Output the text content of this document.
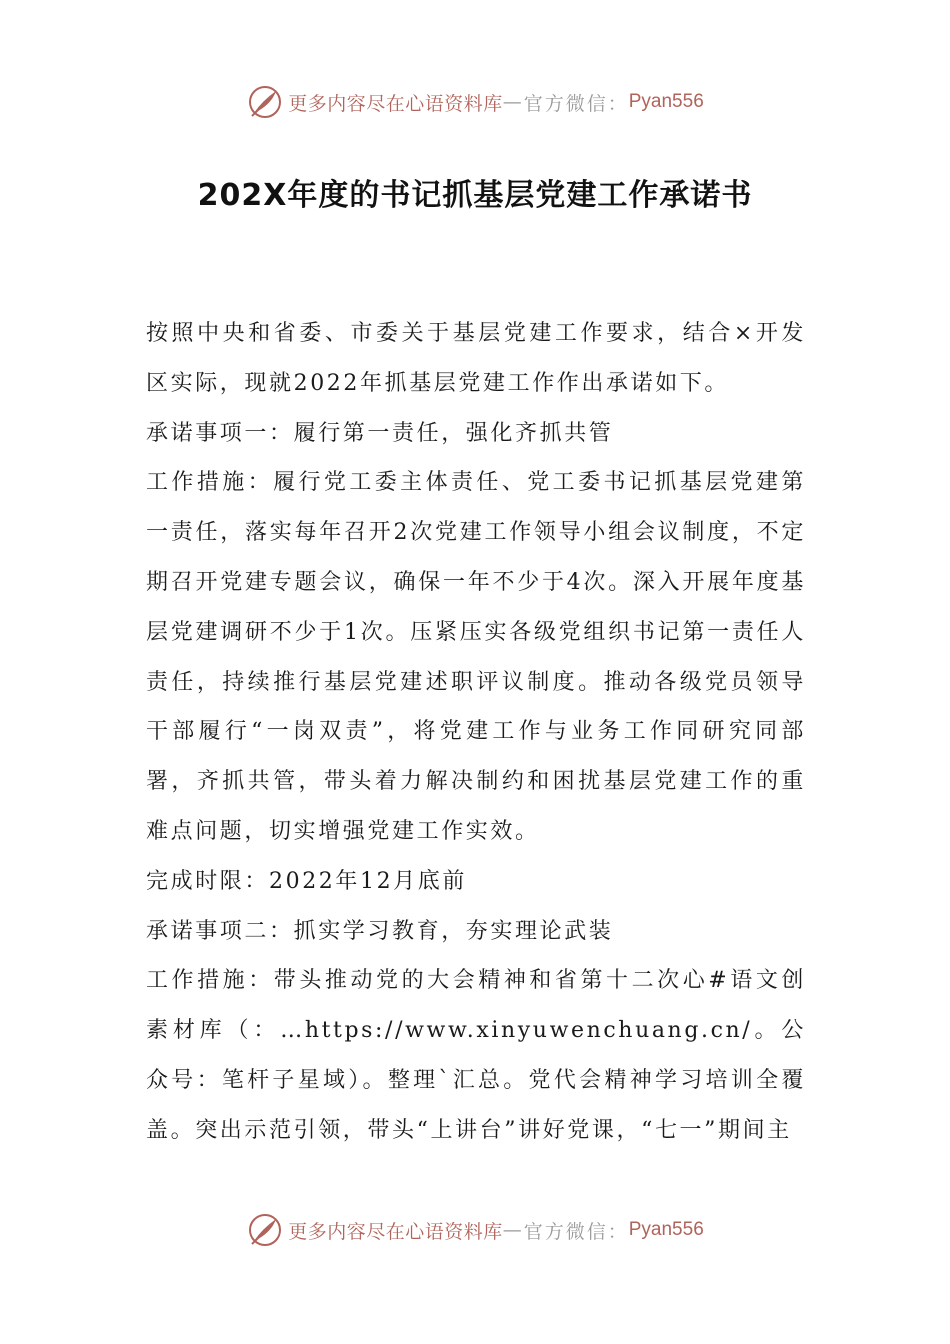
更多内容尽在心语资料库 — 官方微信： Pyan556
202X年度的书记抓基层党建工作承诺书

按照中央和省委、市委关于基层党建工作要求，结合×开发区实际，现就2022年抓基层党建工作作出承诺如下。

承诺事项一：履行第一责任，强化齐抓共管

工作措施：履行党工委主体责任、党工委书记抓基层党建第一责任，落实每年召开2次党建工作领导小组会议制度，不定期召开党建专题会议，确保一年不少于4次。深入开展年度基层党建调研不少于1次。压紧压实各级党组织书记第一责任人责任，持续推行基层党建述职评议制度。推动各级党员领导干部履行“一岗双责”，将党建工作与业务工作同研究同部署，齐抓共管，带头着力解决制约和困扰基层党建工作的重难点问题，切实增强党建工作实效。

完成时限：2022年12月底前

承诺事项二：抓实学习教育，夯实理论武装

工作措施：带头推动党的大会精神和省第十二次心#语文创素材库（：…https://www.xinyuwenchuang.cn/。公众号：笔杆子星域）。整理`汇总。党代会精神学习培训全覆盖。突出示范引领，带头“上讲台”讲好党课，“七一”期间主

更多内容尽在心语资料库 — 官方微信： Pyan556
